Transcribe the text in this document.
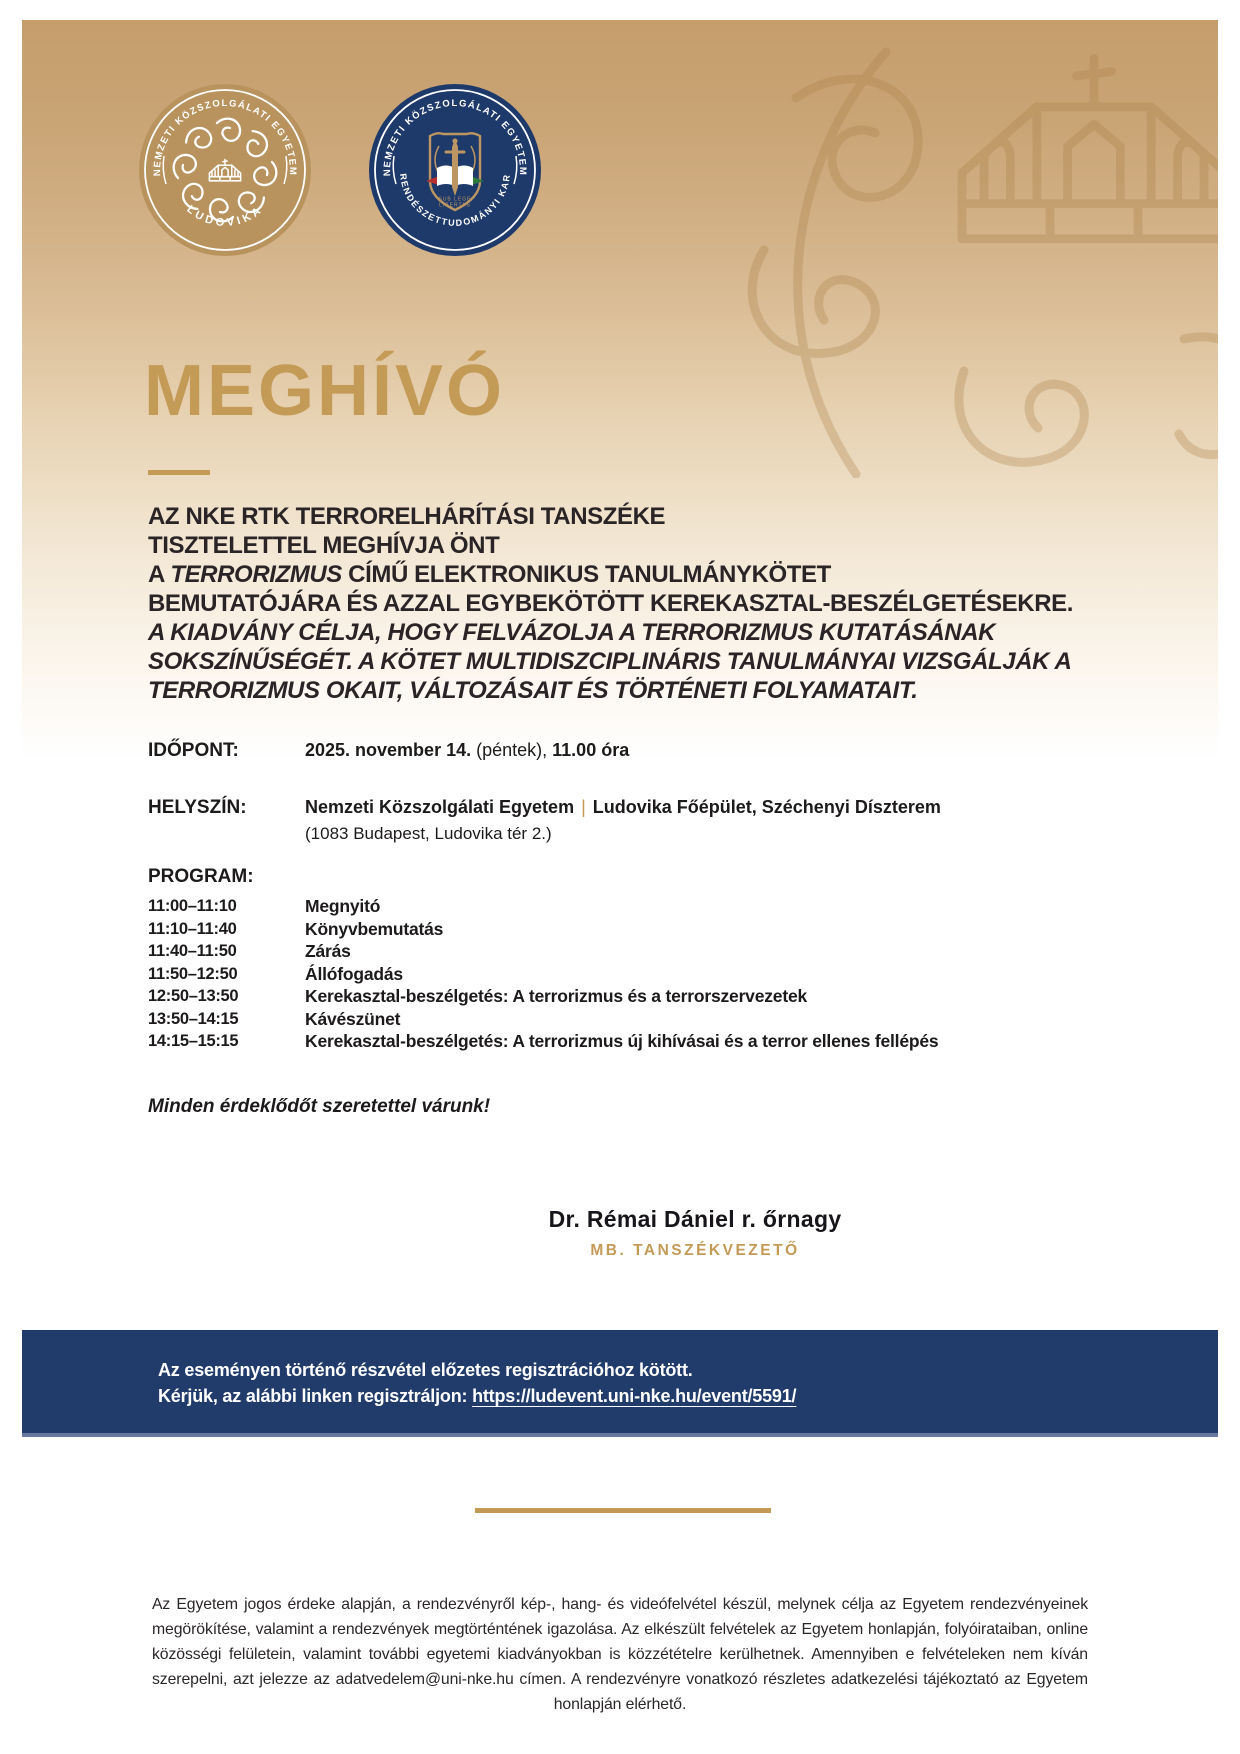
NEMZETI KÖZSZOLGÁLATI EGYETEM
LUDOVIKA
NEMZETI KÖZSZOLGÁLATI EGYETEM
RENDÉSZETTUDOMÁNYI KAR
SUB LEGE
LIBERTAS
MEGHÍVÓ
AZ NKE RTK TERRORELHÁRÍTÁSI TANSZÉKE
TISZTELETTEL MEGHÍVJA ÖNT
A TERRORIZMUS CÍMŰ ELEKTRONIKUS TANULMÁNYKÖTET
BEMUTATÓJÁRA ÉS AZZAL EGYBEKÖTÖTT KEREKASZTAL-BESZÉLGETÉSEKRE.
A KIADVÁNY CÉLJA, HOGY FELVÁZOLJA A TERRORIZMUS KUTATÁSÁNAK
SOKSZÍNŰSÉGÉT. A KÖTET MULTIDISZCIPLINÁRIS TANULMÁNYAI VIZSGÁLJÁK A
TERRORIZMUS OKAIT, VÁLTOZÁSAIT ÉS TÖRTÉNETI FOLYAMATAIT.
IDŐPONT:	2025. november 14. (péntek), 11.00 óra
HELYSZÍN:	Nemzeti Közszolgálati Egyetem | Ludovika Főépület, Széchenyi Díszterem
(1083 Budapest, Ludovika tér 2.)
PROGRAM:
11:00–11:10	Megnyitó
11:10–11:40	Könyvbemutatás
11:40–11:50	Zárás
11:50–12:50	Állófogadás
12:50–13:50	Kerekasztal-beszélgetés: A terrorizmus és a terrorszervezetek
13:50–14:15	Kávészünet
14:15–15:15	Kerekasztal-beszélgetés: A terrorizmus új kihívásai és a terror ellenes fellépés
Minden érdeklődőt szeretettel várunk!
Dr. Rémai Dániel r. őrnagy
MB. TANSZÉKVEZETŐ
Az eseményen történő részvétel előzetes regisztrációhoz kötött.
Kérjük, az alábbi linken regisztráljon: https://ludevent.uni-nke.hu/event/5591/
Az Egyetem jogos érdeke alapján, a rendezvényről kép-, hang- és videófelvétel készül, melynek célja az Egyetem rendezvényeinek megörökítése, valamint a rendezvények megtörténtének igazolása. Az elkészült felvételek az Egyetem honlapján, folyóirataiban, online közösségi felületein, valamint további egyetemi kiadványokban is közzétételre kerülhetnek. Amennyiben e felvételeken nem kíván szerepelni, azt jelezze az adatvedelem@uni-nke.hu címen. A rendezvényre vonatkozó részletes adatkezelési tájékoztató az Egyetem honlapján elérhető.
